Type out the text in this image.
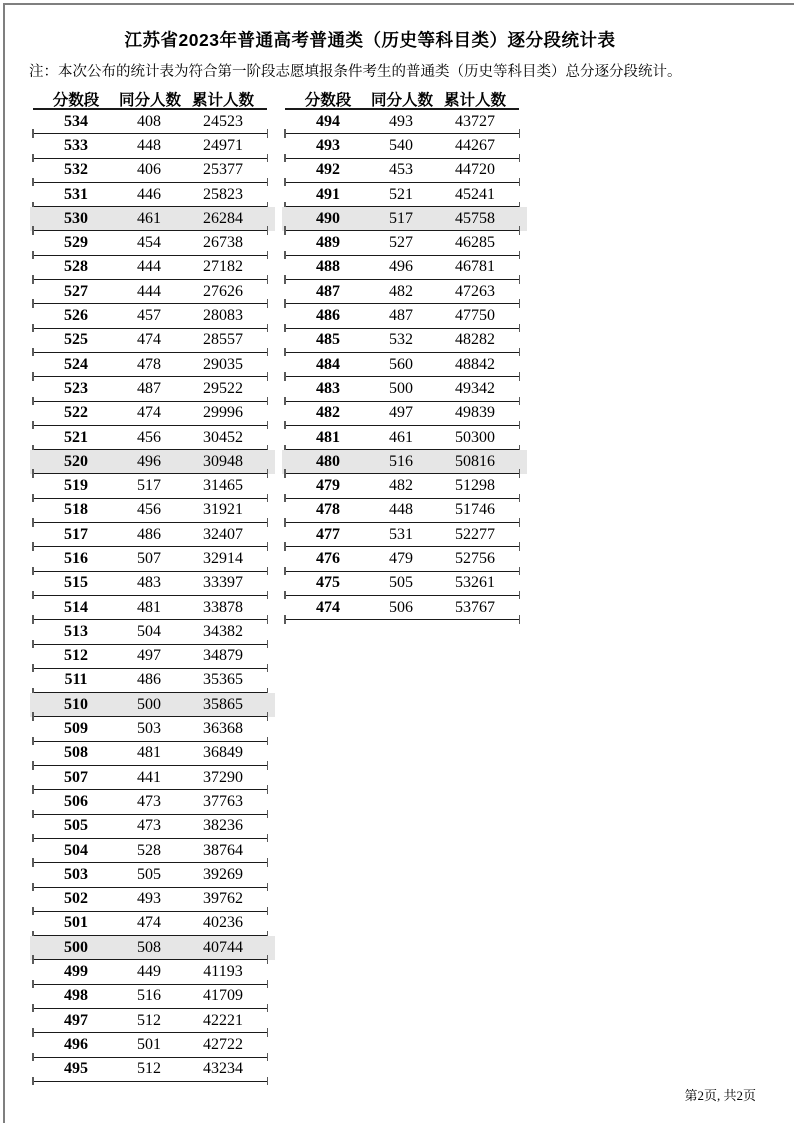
江苏省2023年普通高考普通类（历史等科目类）逐分段统计表
注：本次公布的统计表为符合第一阶段志愿填报条件考生的普通类（历史等科目类）总分逐分段统计。
分数段	同分人数 累计人数
534	408	24523
533	448	24971
532	406	25377
531	446	25823
530	461	26284
529	454	26738
528	444	27182
527	444	27626
526	457	28083
525	474	28557
524	478	29035
523	487	29522
522	474	29996
521	456	30452
520	496	30948
519	517	31465
518	456	31921
517	486	32407
516	507	32914
515	483	33397
514	481	33878
513	504	34382
512	497	34879
511	486	35365
510	500	35865
509	503	36368
508	481	36849
507	441	37290
506	473	37763
505	473	38236
504	528	38764
503	505	39269
502	493	39762
501	474	40236
500	508	40744
499	449	41193
498	516	41709
497	512	42221
496	501	42722
495	512	43234
分数段	同分人数 累计人数
494	493	43727
493	540	44267
492	453	44720
491	521	45241
490	517	45758
489	527	46285
488	496	46781
487	482	47263
486	487	47750
485	532	48282
484	560	48842
483	500	49342
482	497	49839
481	461	50300
480	516	50816
479	482	51298
478	448	51746
477	531	52277
476	479	52756
475	505	53261
474	506	53767
第2页, 共2页
